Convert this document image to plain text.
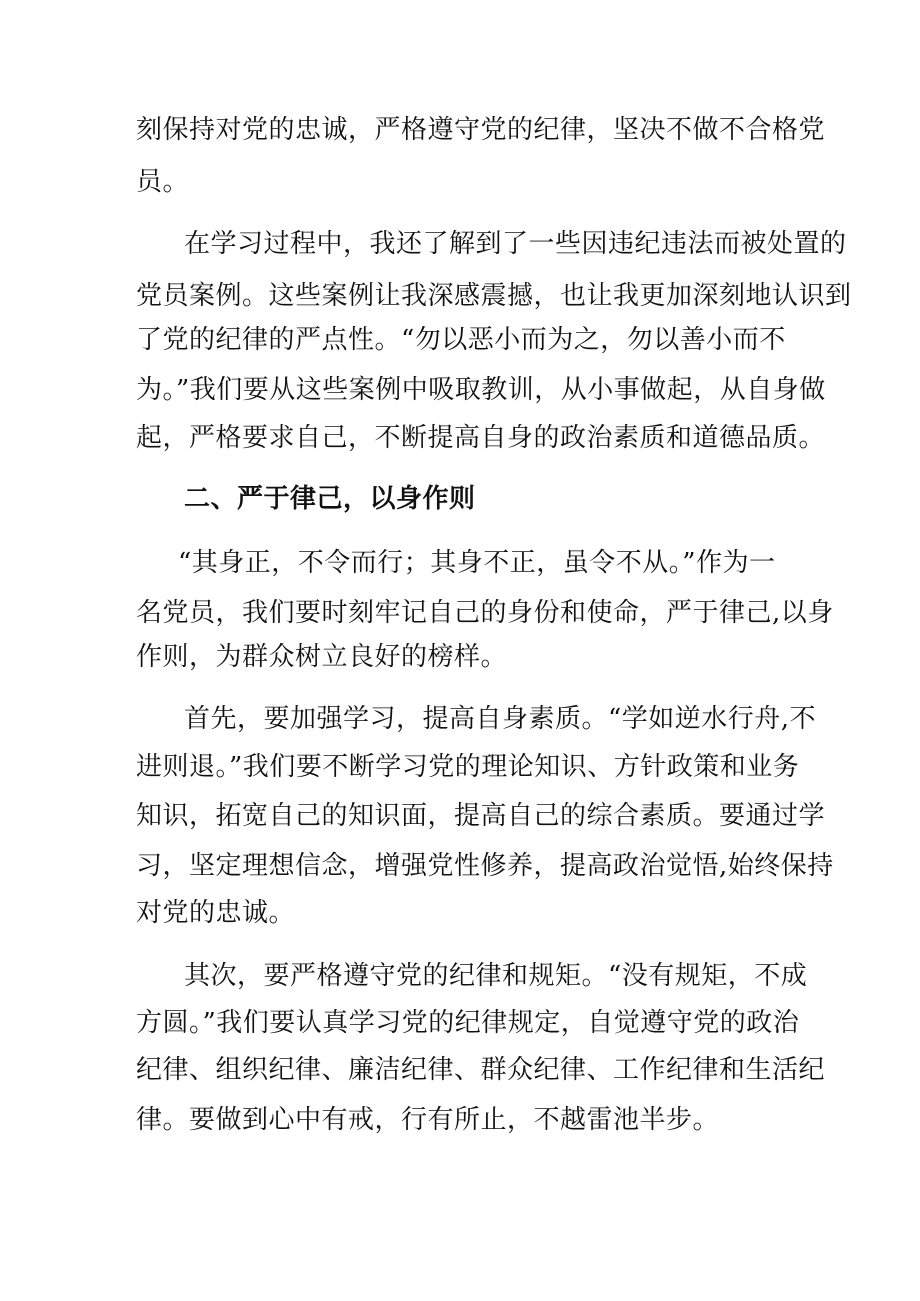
刻保持对党的忠诚，严格遵守党的纪律，坚决不做不合格党
员。
在学习过程中，我还了解到了一些因违纪违法而被处置的
党员案例。这些案例让我深感震撼，也让我更加深刻地认识到
了党的纪律的严点性。“勿以恶小而为之，勿以善小而不
为。”我们要从这些案例中吸取教训，从小事做起，从自身做
起，严格要求自己，不断提高自身的政治素质和道德品质。
二、严于律己，以身作则
“其身正，不令而行；其身不正，虽令不从。”作为一
名党员，我们要时刻牢记自己的身份和使命，严于律己,以身
作则，为群众树立良好的榜样。
首先，要加强学习，提高自身素质。“学如逆水行舟,不
进则退。”我们要不断学习党的理论知识、方针政策和业务
知识，拓宽自己的知识面，提高自己的综合素质。要通过学
习，坚定理想信念，增强党性修养，提高政治觉悟,始终保持
对党的忠诚。
其次，要严格遵守党的纪律和规矩。“没有规矩，不成
方圆。”我们要认真学习党的纪律规定，自觉遵守党的政治
纪律、组织纪律、廉洁纪律、群众纪律、工作纪律和生活纪
律。要做到心中有戒，行有所止，不越雷池半步。
